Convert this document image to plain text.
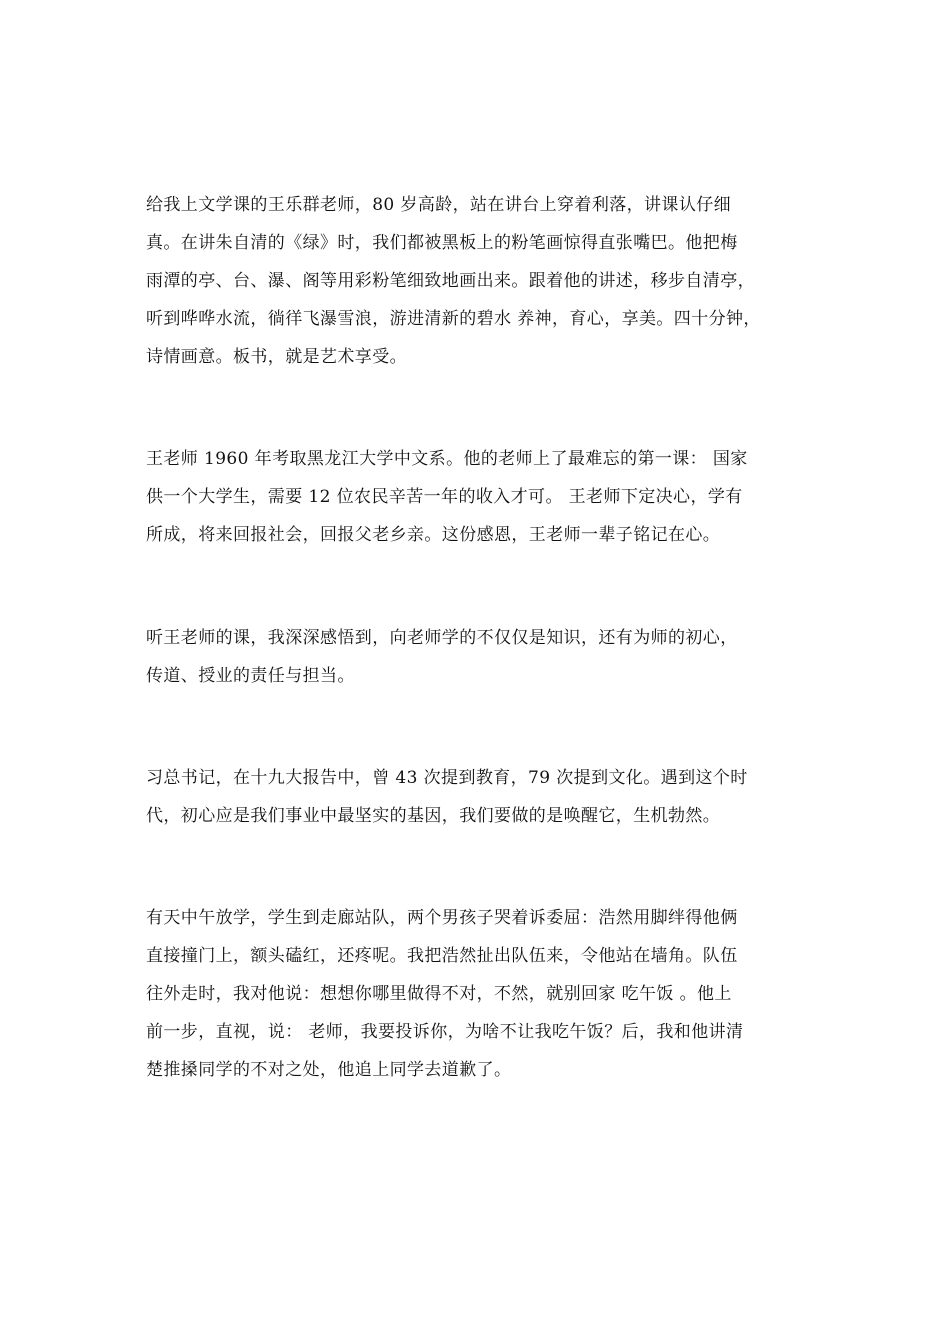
给我上文学课的王乐群老师，80 岁高龄，站在讲台上穿着利落，讲课认仔细
真。在讲朱自清的《绿》时，我们都被黑板上的粉笔画惊得直张嘴巴。他把梅
雨潭的亭、台、瀑、阁等用彩粉笔细致地画出来。跟着他的讲述，移步自清亭，
听到哗哗水流，徜徉飞瀑雪浪，游进清新的碧水 养神，育心，享美。四十分钟，
诗情画意。板书，就是艺术享受。
王老师 1960 年考取黑龙江大学中文系。他的老师上了最难忘的第一课： 国家
供一个大学生，需要 12 位农民辛苦一年的收入才可。 王老师下定决心，学有
所成，将来回报社会，回报父老乡亲。这份感恩，王老师一辈子铭记在心。
听王老师的课，我深深感悟到，向老师学的不仅仅是知识，还有为师的初心，
传道、授业的责任与担当。
习总书记，在十九大报告中，曾 43 次提到教育，79 次提到文化。遇到这个时
代，初心应是我们事业中最坚实的基因，我们要做的是唤醒它，生机勃然。
有天中午放学，学生到走廊站队，两个男孩子哭着诉委屈：浩然用脚绊得他俩
直接撞门上，额头磕红，还疼呢。我把浩然扯出队伍来，令他站在墙角。队伍
往外走时，我对他说：想想你哪里做得不对，不然，就别回家 吃午饭 。他上
前一步，直视，说： 老师，我要投诉你，为啥不让我吃午饭？后，我和他讲清
楚推搡同学的不对之处，他追上同学去道歉了。
